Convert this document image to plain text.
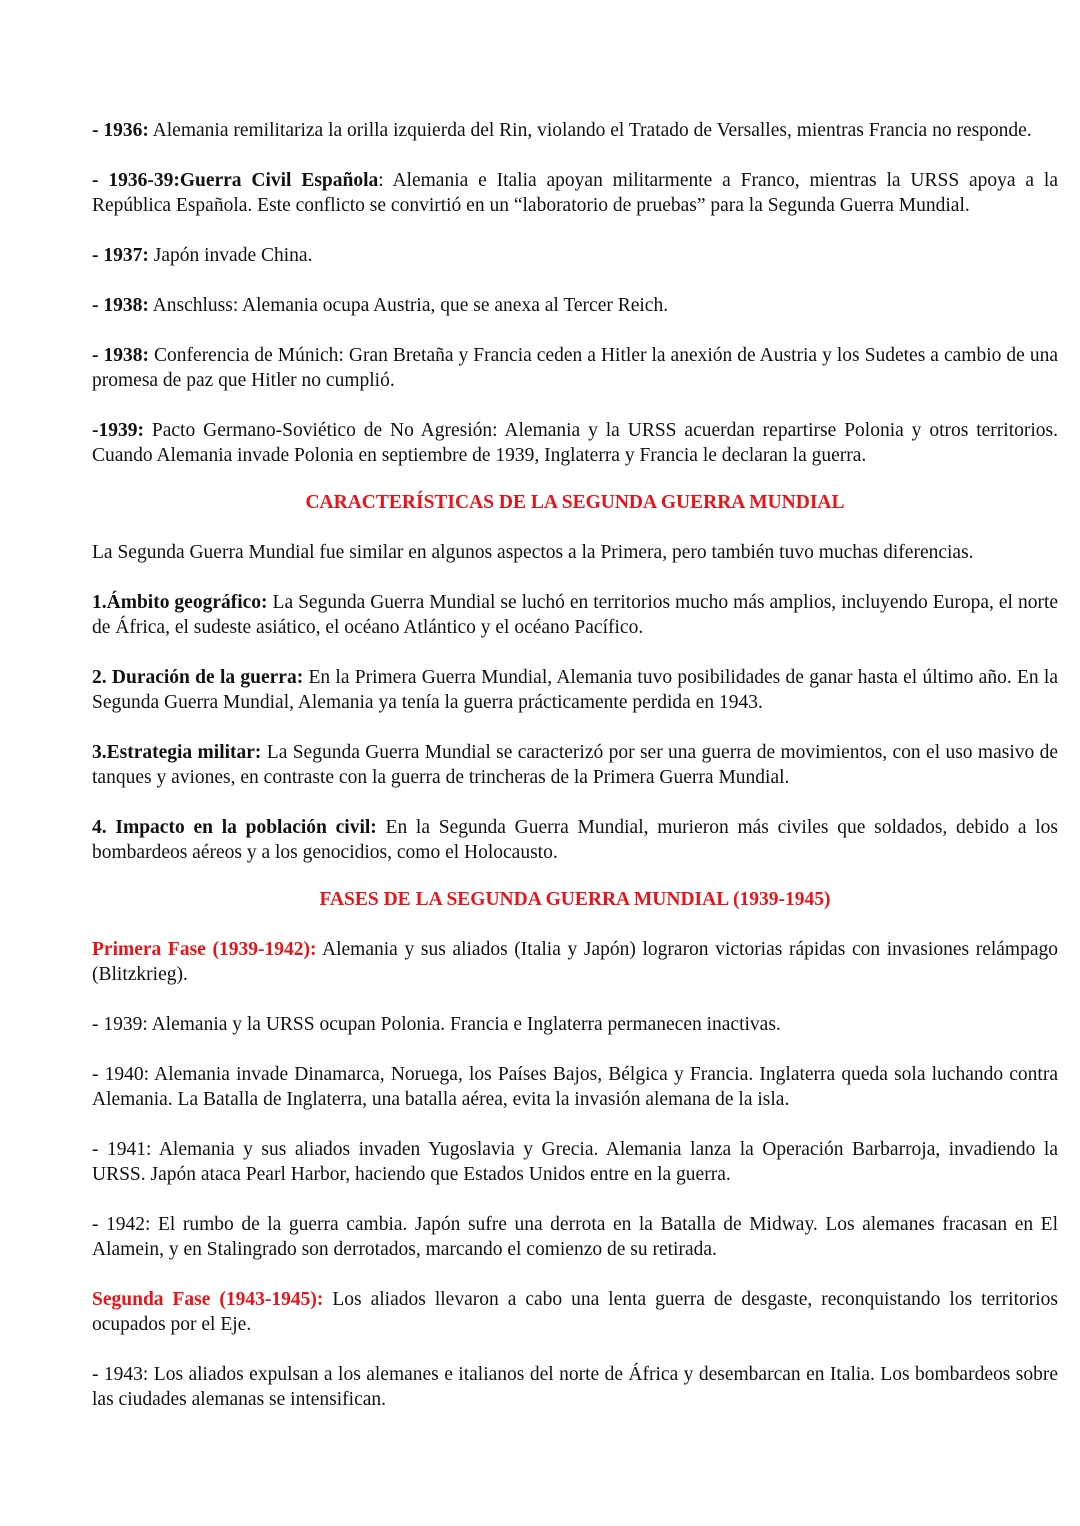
- 1936: Alemania remilitariza la orilla izquierda del Rin, violando el Tratado de Versalles, mientras Francia no responde.

- 1936-39:Guerra Civil Española: Alemania e Italia apoyan militarmente a Franco, mientras la URSS apoya a la República Española. Este conflicto se convirtió en un “laboratorio de pruebas” para la Segunda Guerra Mundial.

- 1937: Japón invade China.

- 1938: Anschluss: Alemania ocupa Austria, que se anexa al Tercer Reich.

- 1938: Conferencia de Múnich: Gran Bretaña y Francia ceden a Hitler la anexión de Austria y los Sudetes a cambio de una promesa de paz que Hitler no cumplió.

-1939: Pacto Germano-Soviético de No Agresión: Alemania y la URSS acuerdan repartirse Polonia y otros territorios. Cuando Alemania invade Polonia en septiembre de 1939, Inglaterra y Francia le declaran la guerra.

CARACTERÍSTICAS DE LA SEGUNDA GUERRA MUNDIAL

La Segunda Guerra Mundial fue similar en algunos aspectos a la Primera, pero también tuvo muchas diferencias.

1.Ámbito geográfico: La Segunda Guerra Mundial se luchó en territorios mucho más amplios, incluyendo Europa, el norte de África, el sudeste asiático, el océano Atlántico y el océano Pacífico.

2. Duración de la guerra: En la Primera Guerra Mundial, Alemania tuvo posibilidades de ganar hasta el último año. En la Segunda Guerra Mundial, Alemania ya tenía la guerra prácticamente perdida en 1943.

3.Estrategia militar: La Segunda Guerra Mundial se caracterizó por ser una guerra de movimientos, con el uso masivo de tanques y aviones, en contraste con la guerra de trincheras de la Primera Guerra Mundial.

4. Impacto en la población civil: En la Segunda Guerra Mundial, murieron más civiles que soldados, debido a los bombardeos aéreos y a los genocidios, como el Holocausto.

FASES DE LA SEGUNDA GUERRA MUNDIAL (1939-1945)

Primera Fase (1939-1942): Alemania y sus aliados (Italia y Japón) lograron victorias rápidas con invasiones relámpago (Blitzkrieg).

- 1939: Alemania y la URSS ocupan Polonia. Francia e Inglaterra permanecen inactivas.

- 1940: Alemania invade Dinamarca, Noruega, los Países Bajos, Bélgica y Francia. Inglaterra queda sola luchando contra Alemania. La Batalla de Inglaterra, una batalla aérea, evita la invasión alemana de la isla.

- 1941: Alemania y sus aliados invaden Yugoslavia y Grecia. Alemania lanza la Operación Barbarroja, invadiendo la URSS. Japón ataca Pearl Harbor, haciendo que Estados Unidos entre en la guerra.

- 1942: El rumbo de la guerra cambia. Japón sufre una derrota en la Batalla de Midway. Los alemanes fracasan en El Alamein, y en Stalingrado son derrotados, marcando el comienzo de su retirada.

Segunda Fase (1943-1945): Los aliados llevaron a cabo una lenta guerra de desgaste, reconquistando los territorios ocupados por el Eje.

- 1943: Los aliados expulsan a los alemanes e italianos del norte de África y desembarcan en Italia. Los bombardeos sobre las ciudades alemanas se intensifican.
